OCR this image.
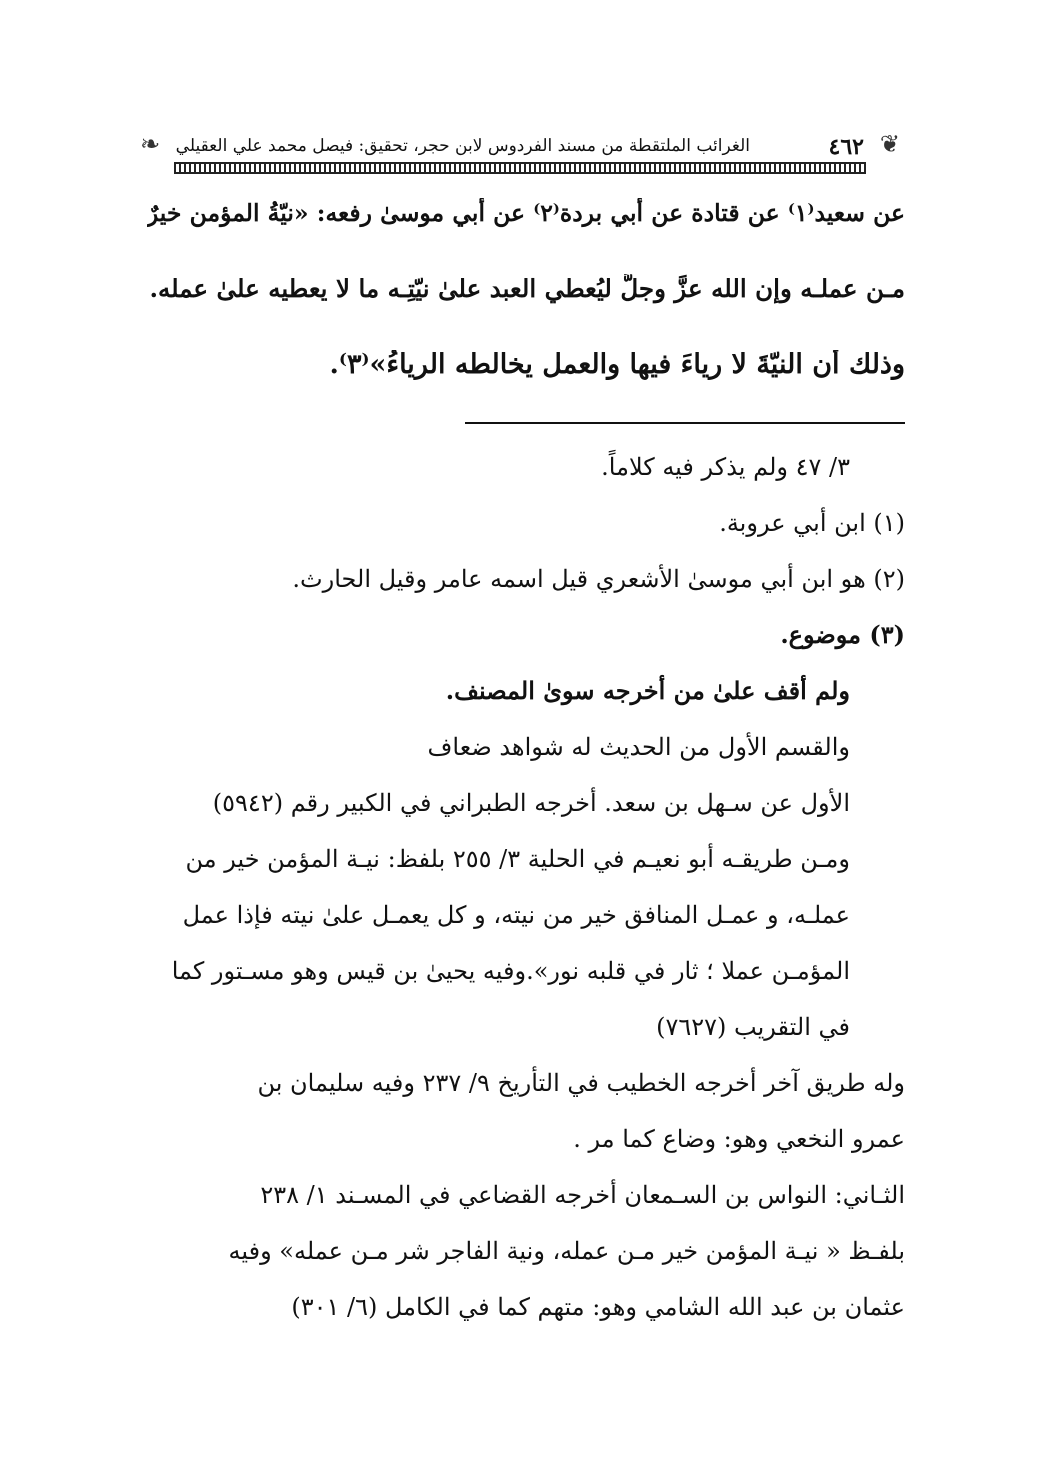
❦
٤٦٢
الغرائب الملتقطة من مسند الفردوس لابن حجر، تحقيق: فيصل محمد علي العقيلي
❧
عن سعيد⁽١⁾ عن قتادة عن أبي بردة⁽٢⁾ عن أبي موسىٰ رفعه: «نيّةُ المؤمن خيرٌ
مـن عملـه وإن الله عزَّ وجلَّ ليُعطي العبد علىٰ نيّتِـه ما لا يعطيه علىٰ عمله.
وذلك أن النيّةَ لا رياءَ فيها والعمل يخالطه الرياءُ»⁽٣⁾.
٣/ ٤٧ ولم يذكر فيه كلاماً.
(١) ابن أبي عروبة.
(٢) هو ابن أبي موسىٰ الأشعري قيل اسمه عامر وقيل الحارث.
(٣) موضوع.
ولم أقف علىٰ من أخرجه سوىٰ المصنف.
والقسم الأول من الحديث له شواهد ضعاف
الأول عن سـهل بن سعد. أخرجه الطبراني في الكبير رقم (٥٩٤٢)
ومـن طريقـه أبو نعيـم في الحلية ٣/ ٢٥٥ بلفظ: نيـة المؤمن خير من
عملـه، و عمـل المنافق خير من نيته، و كل يعمـل علىٰ نيته فإذا عمل
المؤمـن عملا ؛ ثار في قلبه نور».وفيه يحيىٰ بن قيس وهو مسـتور كما
في التقريب (٧٦٢٧)
وله طريق آخر أخرجه الخطيب في التأريخ ٩/ ٢٣٧ وفيه سليمان بن
عمرو النخعي وهو: وضاع كما مر .
الثـاني: النواس بن السـمعان أخرجه القضاعي في المسـند ١/ ٢٣٨
بلفـظ « نيـة المؤمن خير مـن عمله، ونية الفاجر شر مـن عمله» وفيه
عثمان بن عبد الله الشامي وهو: متهم كما في الكامل (٦/ ٣٠١)
